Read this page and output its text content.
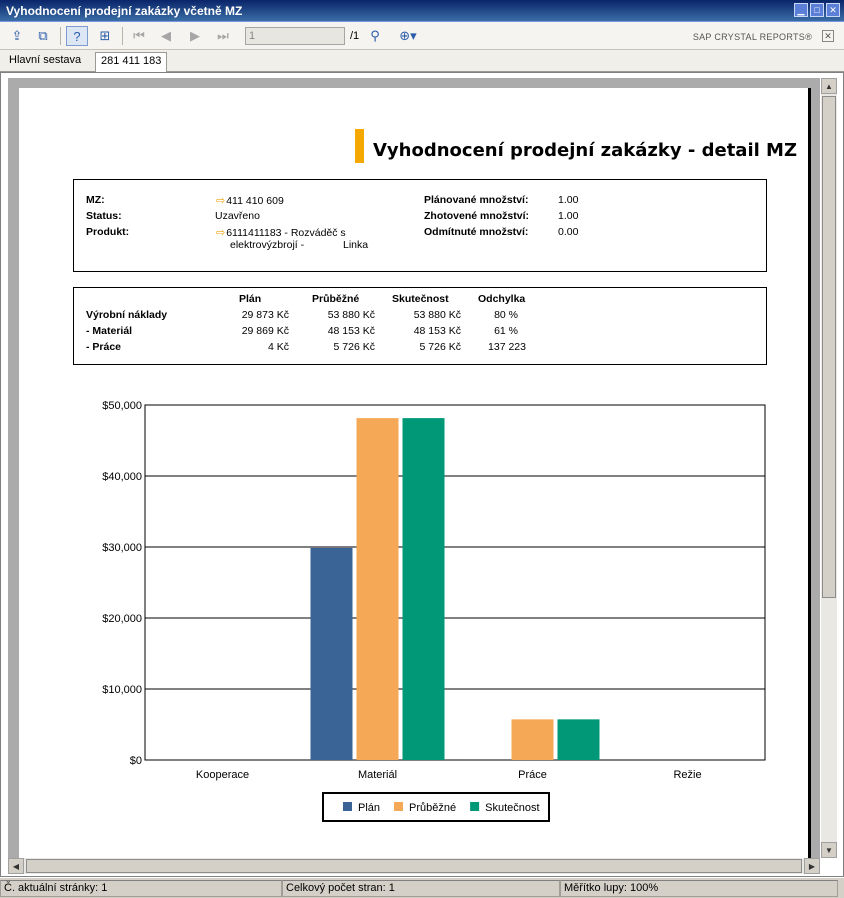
Vyhodnocení prodejní zakázky včetně MZ	▁	□	✕
⇪	⧉	?	⊞	⏮	◀	▶	⏭	1	/1 ⚲	⊕▾	SAP CRYSTAL REPORTS® ✕
Hlavní sestava	281 411 183
Vyhodnocení prodejní zakázky - detail MZ
MZ:	⇨411 410 609
Status:	Uzavřeno
Produkt:	⇨6111411183 - Rozváděč s
elektrovýzbrojí -	Linka
Plánované množství:	1.00
Zhotovené množství:	1.00
Odmítnuté množství:	0.00
Plán	Průběžné	Skutečnost	Odchylka
Výrobní náklady	29 873 Kč	53 880 Kč	53 880 Kč	80 %
- Materiál	29 869 Kč	48 153 Kč	48 153 Kč	61 %
- Práce	4 Kč	5 726 Kč	5 726 Kč	137 223
$0
$10,000
$20,000
$30,000
$40,000
$50,000
Kooperace	Materiál	Práce	Režie
Plán	Průběžné	Skutečnost
▲
▼
◀	▶
Č. aktuální stránky: 1	Celkový počet stran: 1	Měřítko lupy: 100%
